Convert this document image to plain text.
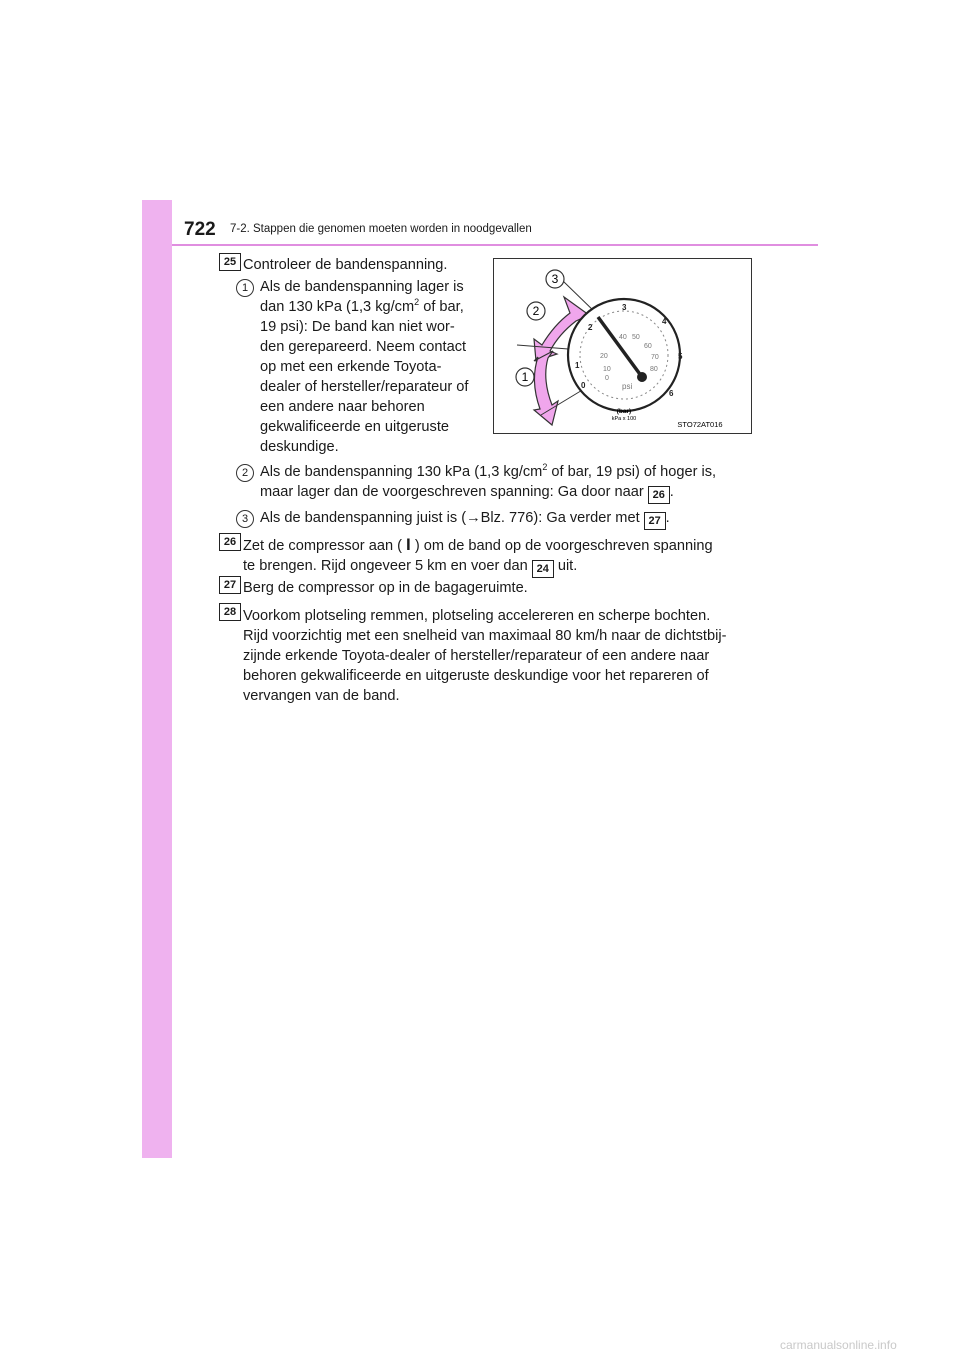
722 7-2. Stappen die genomen moeten worden in noodgevallen
25 Controleer de bandenspanning.
1 Als de bandenspanning lager is
dan 130 kPa (1,3 $kg/cm^2$ of bar,
19 psi): De band kan niet wor-
den gerepareerd. Neem contact
op met een erkende Toyota-
dealer of hersteller/reparateur of
een andere naar behoren
gekwalificeerde en uitgeruste
deskundige.
2 Als de bandenspanning 130 kPa (1,3 $kg/cm^2$ of bar, 19 psi) of hoger is,
maar lager dan de voorgeschreven spanning: Ga door naar 26 .
3 Als de bandenspanning juist is (→Blz. 776): Ga verder met 27 .
26 Zet de compressor aan ( I ) om de band op de voorgeschreven spanning
te brengen. Rijd ongeveer 5 km en voer dan 24 uit.
27 Berg de compressor op in de bagageruimte.
28 Voorkom plotseling remmen, plotseling accelereren en scherpe bochten.
Rijd voorzichtig met een snelheid van maximaal 80 km/h naar de dichtstbij-
zijnde erkende Toyota-dealer of hersteller/reparateur of een andere naar
behoren gekwalificeerde en uitgeruste deskundige voor het repareren of
vervangen van de band.
3
2
1
0
1
2
3
4
5
6
0
10
20
40 50
60
70
80
psi
(bar)
kPa x 100
STO72AT016
carmanualsonline.info
